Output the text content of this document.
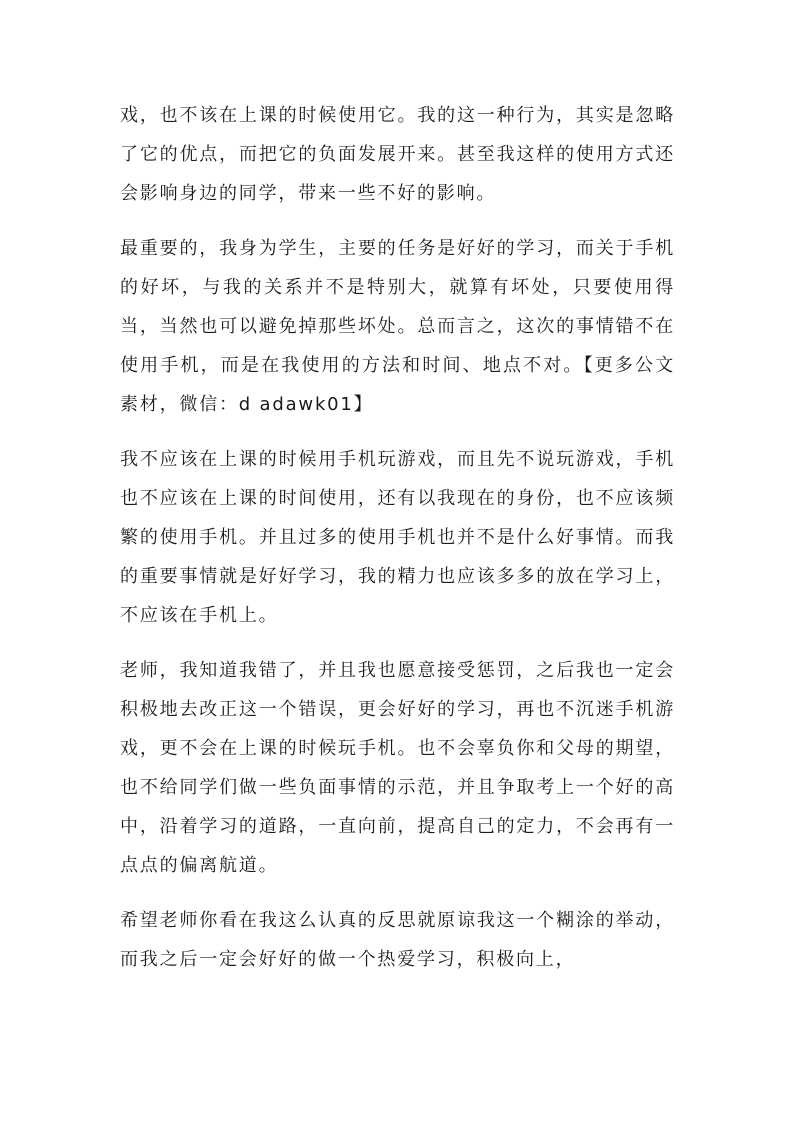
戏，也不该在上课的时候使用它。我的这一种行为，其实是忽略了它的优点，而把它的负面发展开来。甚至我这样的使用方式还会影响身边的同学，带来一些不好的影响。

最重要的，我身为学生，主要的任务是好好的学习，而关于手机的好坏，与我的关系并不是特别大，就算有坏处，只要使用得当，当然也可以避免掉那些坏处。总而言之，这次的事情错不在使用手机，而是在我使用的方法和时间、地点不对。【更多公文素材，微信：d adawk01】

我不应该在上课的时候用手机玩游戏，而且先不说玩游戏，手机也不应该在上课的时间使用，还有以我现在的身份，也不应该频繁的使用手机。并且过多的使用手机也并不是什么好事情。而我的重要事情就是好好学习，我的精力也应该多多的放在学习上，不应该在手机上。

老师，我知道我错了，并且我也愿意接受惩罚，之后我也一定会积极地去改正这一个错误，更会好好的学习，再也不沉迷手机游戏，更不会在上课的时候玩手机。也不会辜负你和父母的期望，也不给同学们做一些负面事情的示范，并且争取考上一个好的高中，沿着学习的道路，一直向前，提高自己的定力，不会再有一点点的偏离航道。

希望老师你看在我这么认真的反思就原谅我这一个糊涂的举动，而我之后一定会好好的做一个热爱学习，积极向上，
